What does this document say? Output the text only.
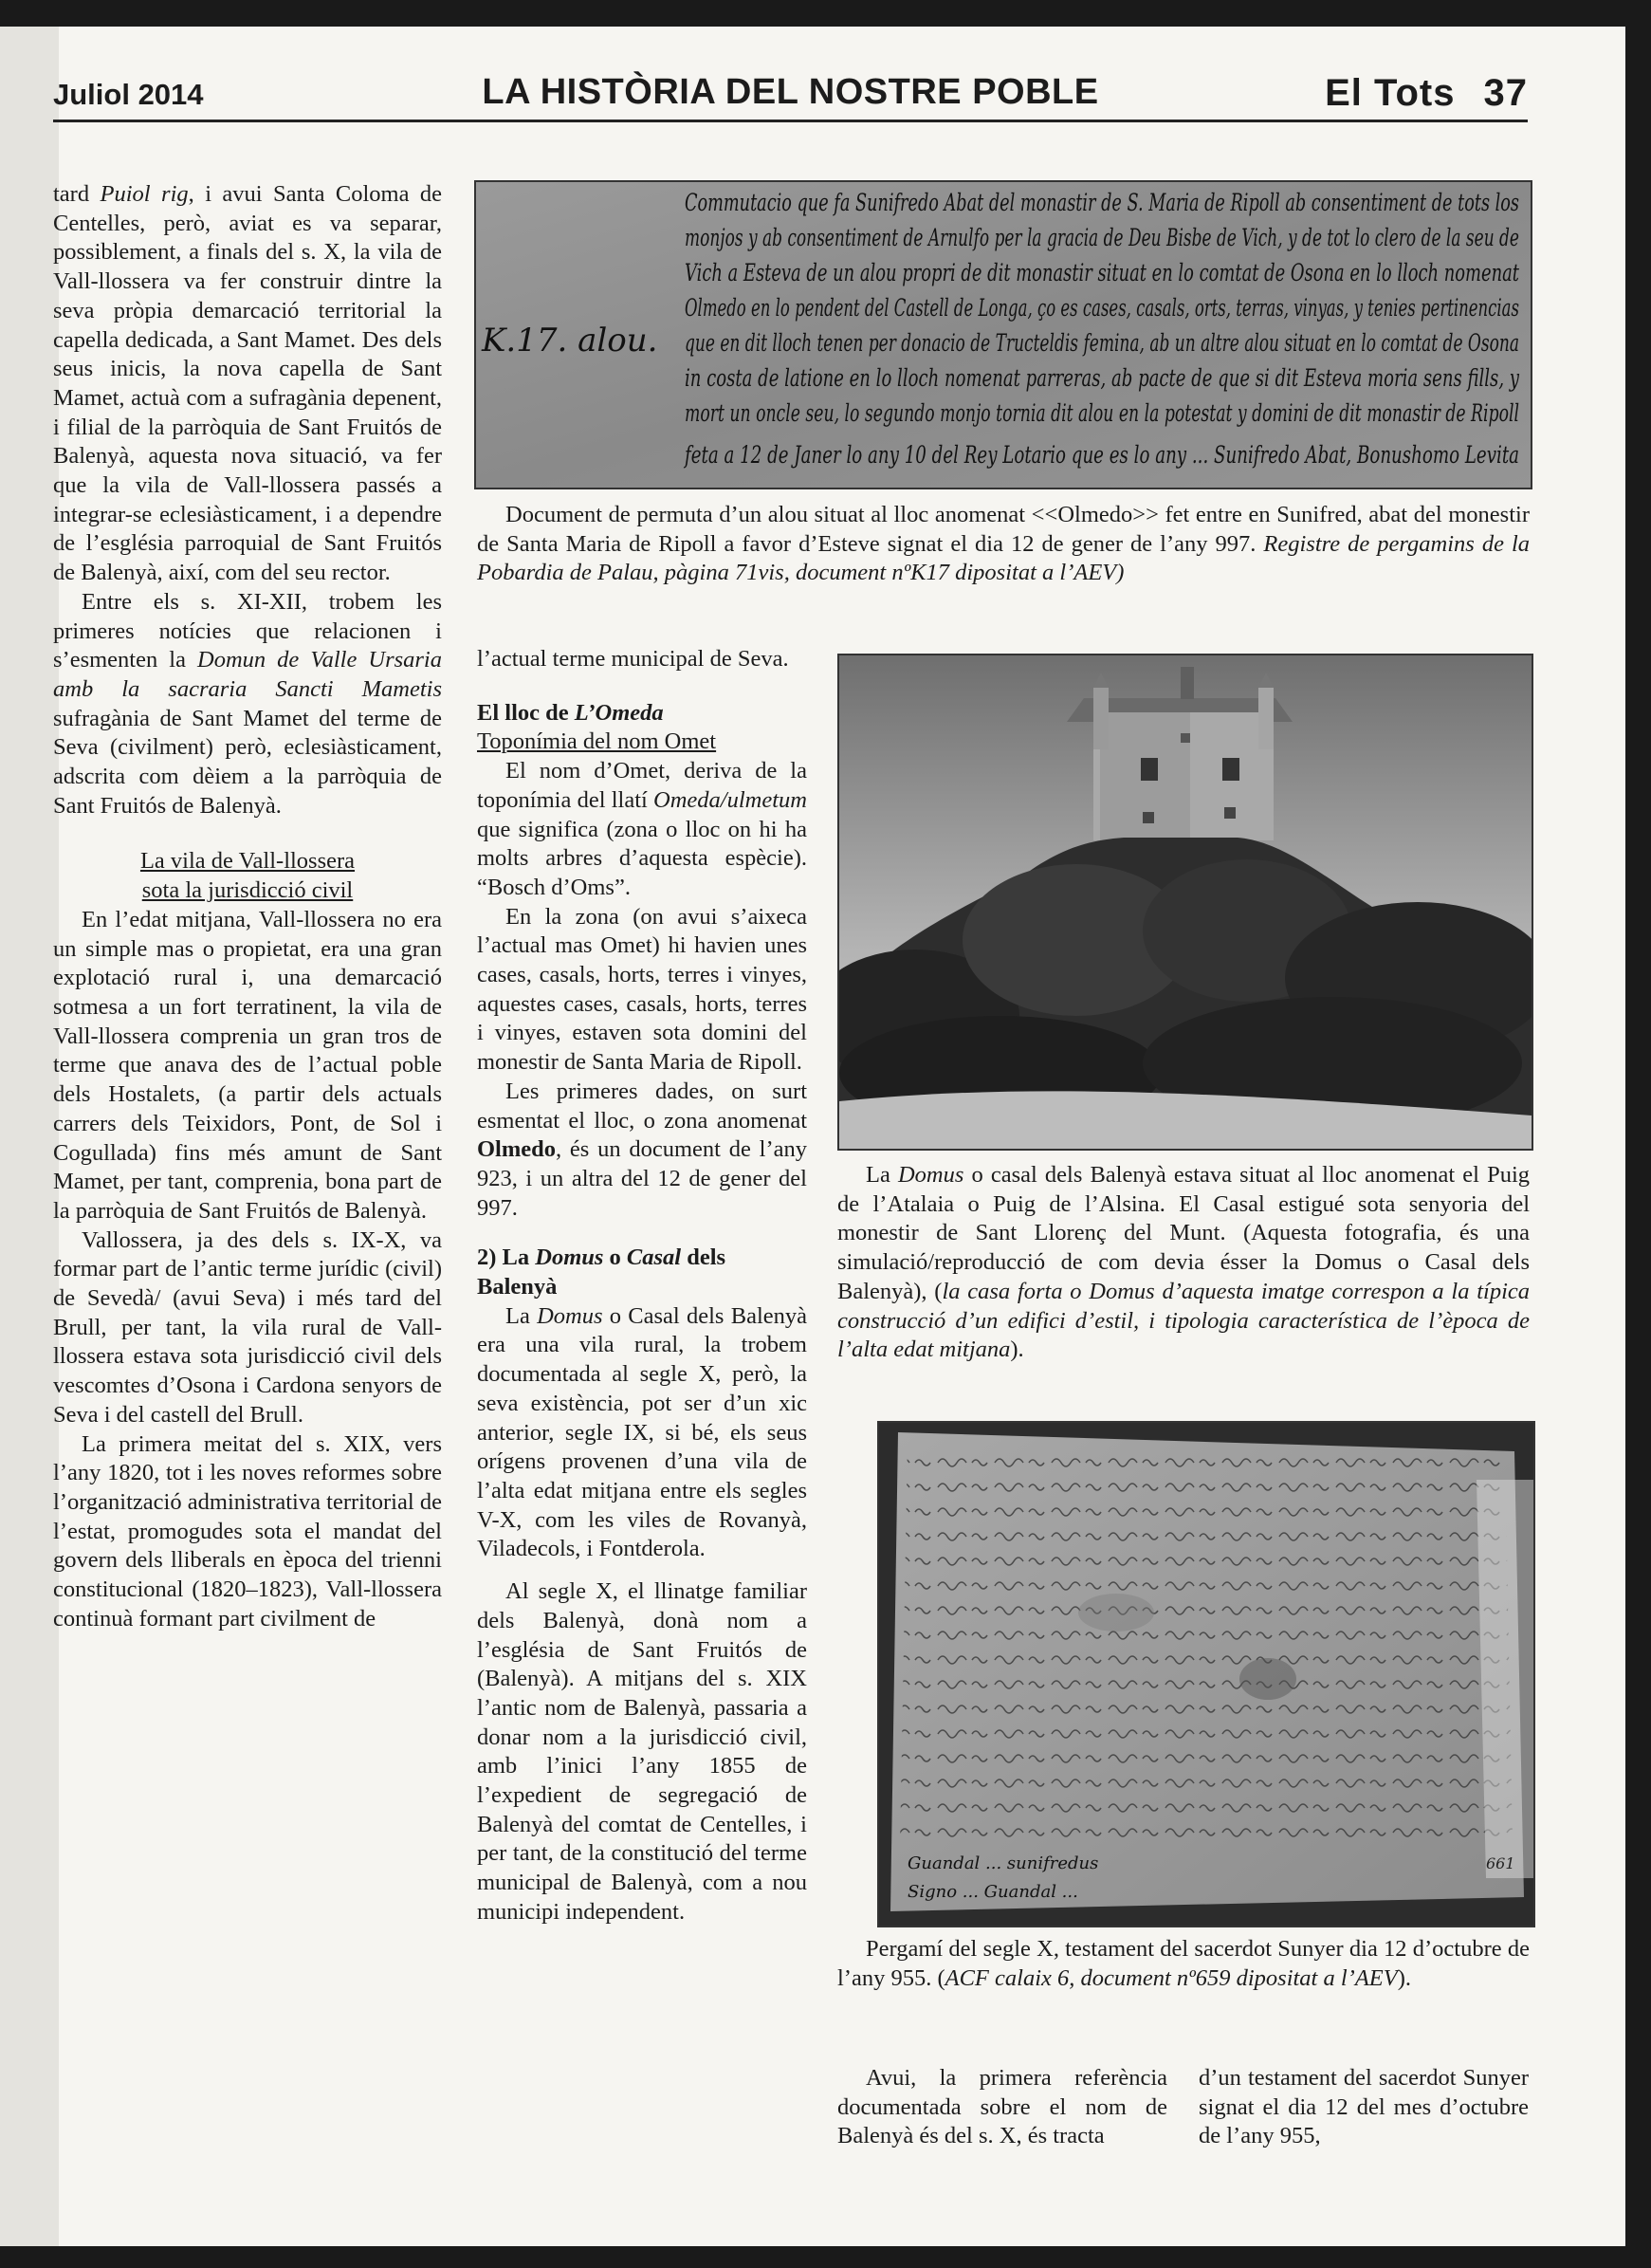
Juliol 2014	LA HISTÒRIA DEL NOSTRE POBLE	El Tots 37
Commutacio que fa Sunifredo Abat del monastir de S. Maria de Ripoll ab consentiment de tots los
monjos y ab consentiment de Arnulfo per la gracia de Deu Bisbe de Vich, y de tot lo clero de la seu de
Vich a Esteva de un alou propri de dit monastir situat en lo comtat de Osona en lo lloch nomenat
Olmedo en lo pendent del Castell de Longa, ço es cases, casals, orts, terras, vinyas, y tenies pertinencias
que en dit lloch tenen per donacio de Tructeldis femina, ab un altre alou situat en lo comtat de Osona
in costa de latione en lo lloch nomenat parreras, ab pacte de que si dit Esteva moria sens fills, y
mort un oncle seu, lo segundo monjo tornia dit alou en la potestat y domini de dit monastir de Ripoll
feta a 12 de Janer lo any 10 del Rey Lotario que es lo any ... Sunifredo Abat, Bonushomo Levita
K.17. alou.
Document de permuta d’un alou situat al lloc anomenat <<Olmedo>> fet entre en Sunifred, abat del monestir de Santa Maria de Ripoll a favor d’Esteve signat el dia 12 de gener de l’any 997. Registre de pergamins de la Pobardia de Palau, pàgina 71vis, document nºK17 dipositat a l’AEV)
La Domus o casal dels Balenyà estava situat al lloc anomenat el Puig de l’Atalaia o Puig de l’Alsina. El Casal estigué sota senyoria del monestir de Sant Llorenç del Munt. (Aquesta fotografia, és una simulació/reproducció de com devia ésser la Domus o Casal dels Balenyà), (la casa forta o Domus d’aquesta imatge correspon a la típica construcció d’un edifici d’estil, i tipologia característica de l’època de l’alta edat mitjana).
Guandal ... sunifredus
Signo ... Guandal ...
661
Pergamí del segle X, testament del sacerdot Sunyer dia 12 d’octubre de l’any 955. (ACF calaix 6, document nº659 dipositat a l’AEV).

tard Puiol rig, i avui Santa Coloma de Centelles, però, aviat es va separar, possiblement, a finals del s. X, la vila de Vall-llossera va fer construir dintre la seva pròpia demarcació territorial la capella dedicada, a Sant Mamet. Des dels seus inicis, la nova capella de Sant Mamet, actuà com a sufragània depenent, i filial de la parròquia de Sant Fruitós de Balenyà, aquesta nova situació, va fer que la vila de Vall-llossera passés a integrar-se eclesiàsticament, i a dependre de l’església parroquial de Sant Fruitós de Balenyà, així, com del seu rector.

Entre els s. XI-XII, trobem les primeres notícies que relacionen i s’esmenten la Domun de Valle Ursaria amb la sacraria Sancti Mametis sufragània de Sant Mamet del terme de Seva (civilment) però, eclesiàsticament, adscrita com dèiem a la parròquia de Sant Fruitós de Balenyà.

La vila de Vall-llossera

sota la jurisdicció civil

En l’edat mitjana, Vall-llossera no era un simple mas o propietat, era una gran explotació rural i, una demarcació sotmesa a un fort terratinent, la vila de Vall-llossera comprenia un gran tros de terme que anava des de l’actual poble dels Hostalets, (a partir dels actuals carrers dels Teixidors, Pont, de Sol i Cogullada) fins més amunt de Sant Mamet, per tant, comprenia, bona part de la parròquia de Sant Fruitós de Balenyà.

Vallossera, ja des dels s. IX-X, va formar part de l’antic terme jurídic (civil) de Sevedà/ (avui Seva) i més tard del Brull, per tant, la vila rural de Vall-llossera estava sota jurisdicció civil dels vescomtes d’Osona i Cardona senyors de Seva i del castell del Brull.

La primera meitat del s. XIX, vers l’any 1820, tot i les noves reformes sobre l’organització administrativa territorial de l’estat, promogudes sota el mandat del govern dels lliberals en època del trienni constitucional (1820–1823), Vall-llossera continuà formant part civilment de

l’actual terme municipal de Seva.

El lloc de L’Omeda

Toponímia del nom Omet

El nom d’Omet, deriva de la toponímia del llatí Omeda/ulmetum que significa (zona o lloc on hi ha molts arbres d’aquesta espècie). “Bosch d’Oms”.

En la zona (on avui s’aixeca l’actual mas Omet) hi havien unes cases, casals, horts, terres i vinyes, aquestes cases, casals, horts, terres i vinyes, estaven sota domini del monestir de Santa Maria de Ripoll.

Les primeres dades, on surt esmentat el lloc, o zona anomenat Olmedo, és un document de l’any 923, i un altra del 12 de gener del 997.

2) La Domus o Casal dels Balenyà

La Domus o Casal dels Balenyà era una vila rural, la trobem documentada al segle X, però, la seva existència, pot ser d’un xic anterior, segle IX, si bé, els seus orígens provenen d’una vila de l’alta edat mitjana entre els segles V-X, com les viles de Rovanyà, Viladecols, i Fontderola.

Al segle X, el llinatge familiar dels Balenyà, donà nom a l’església de Sant Fruitós de (Balenyà). A mitjans del s. XIX l’antic nom de Balenyà, passaria a donar nom a la jurisdicció civil, amb l’inici l’any 1855 de l’expedient de segregació de Balenyà del comtat de Centelles, i per tant, de la constitució del terme municipal de Balenyà, com a nou municipi independent.

Avui, la primera referència documentada sobre el nom de Balenyà és del s. X, és tracta

d’un testament del sacerdot Sunyer signat el dia 12 del mes d’octubre de l’any 955,
